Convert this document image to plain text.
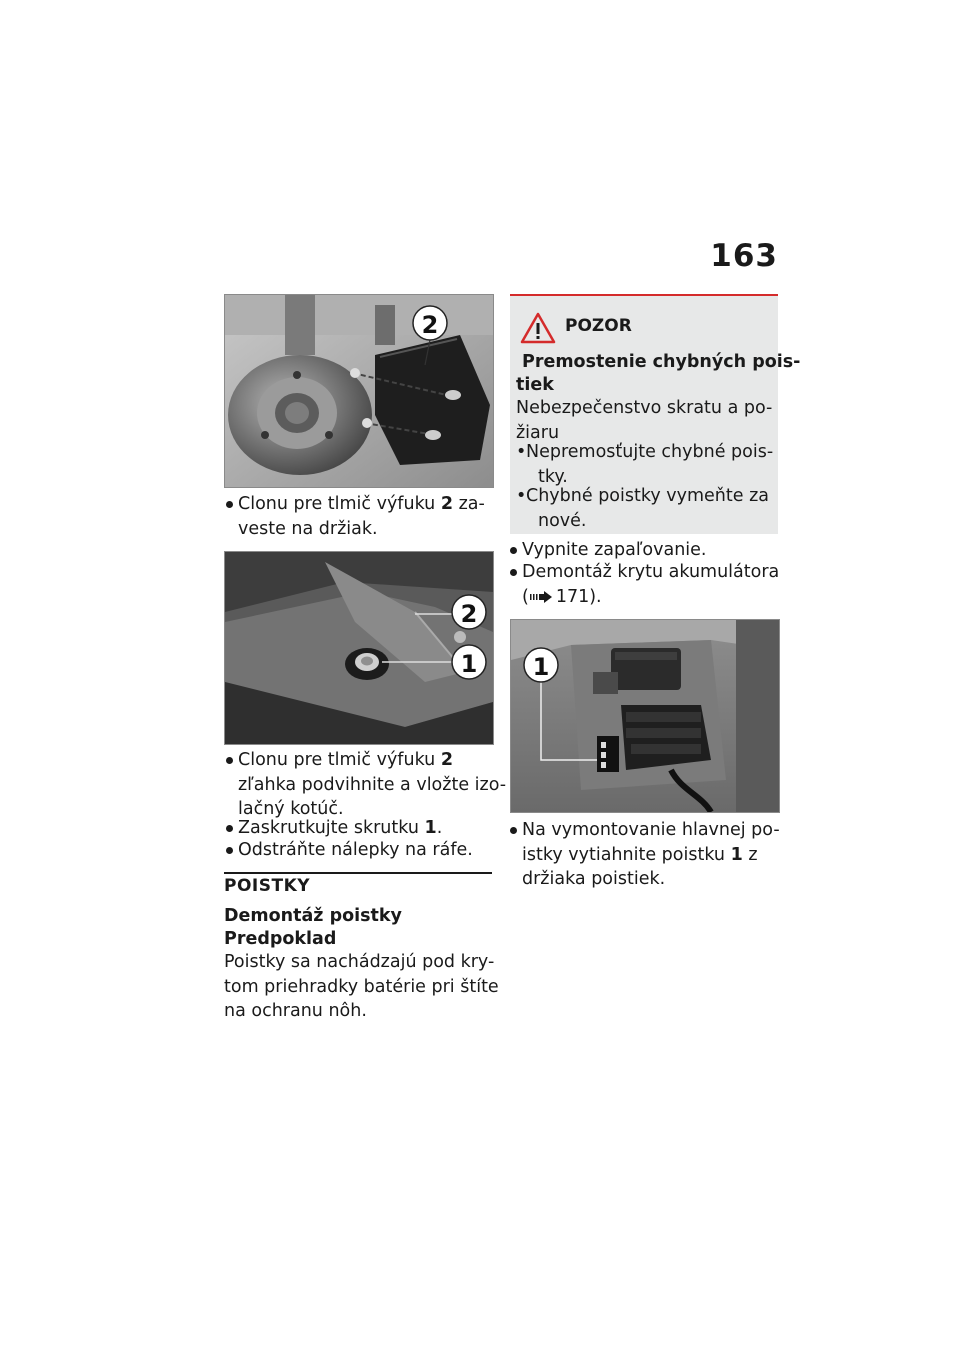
163
2
Clonu pre tlmič výfuku 2 za-
veste na držiak.
2
1
Clonu pre tlmič výfuku 2
zľahka podvihnite a vložte izo-
lačný kotúč.
Zaskrutkujte skrutku 1.
Odstráňte nálepky na ráfe.
POISTKY
Demontáž poistky
Predpoklad
Poistky sa nachádzajú pod kry-
tom priehradky batérie pri štíte
na ochranu nôh.
POZOR
Premostenie chybných pois-
tiek
Nebezpečenstvo skratu a po-
žiaru
• Nepremosťujte chybné pois-
tky.
• Chybné poistky vymeňte za
nové.
Vypnite zapaľovanie.
Demontáž krytu akumulátora
( 171).
1
Na vymontovanie hlavnej po-
istky vytiahnite poistku 1 z
držiaka poistiek.
